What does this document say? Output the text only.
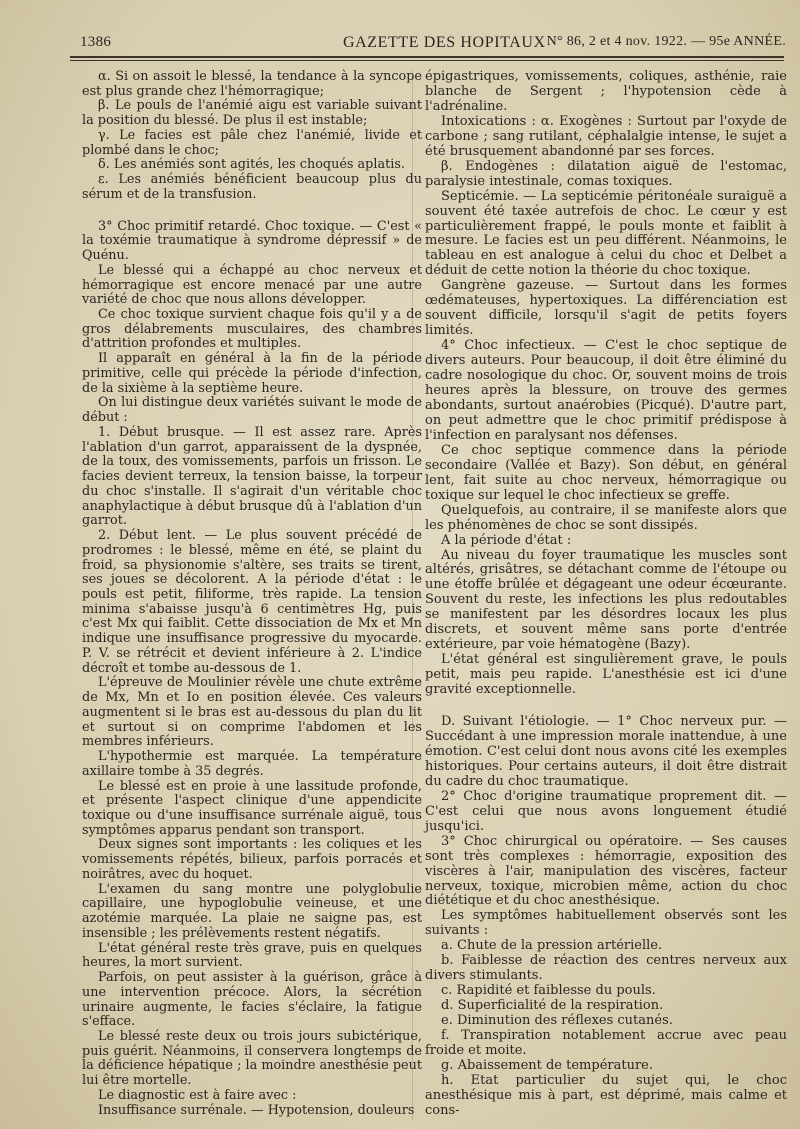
1386	GAZETTE DES HOPITAUX N° 86, 2 et 4 nov. 1922. — 95e ANNÉE.

α. Si on assoit le blessé, la tendance à la syncope est plus grande chez l'hémorragique;

β. Le pouls de l'anémié aigu est variable suivant la position du blessé. De plus il est instable;

γ. Le facies est pâle chez l'anémié, livide et plombé dans le choc;

δ. Les anémiés sont agités, les choqués aplatis.

ε. Les anémiés bénéficient beaucoup plus du sérum et de la transfusion.

3° Choc primitif retardé. Choc toxique. — C'est « la toxémie traumatique à syndrome dépressif » de Quénu.

Le blessé qui a échappé au choc nerveux et hémorragique est encore menacé par une autre variété de choc que nous allons développer.

Ce choc toxique survient chaque fois qu'il y a de gros délabrements musculaires, des chambres d'attrition profondes et multiples.

Il apparaît en général à la fin de la période primitive, celle qui précède la période d'infection, de la sixième à la septième heure.

On lui distingue deux variétés suivant le mode de début :

1. Début brusque. — Il est assez rare. Après l'ablation d'un garrot, apparaissent de la dyspnée, de la toux, des vomissements, parfois un frisson. Le facies devient terreux, la tension baisse, la torpeur du choc s'installe. Il s'agirait d'un véritable choc anaphylactique à début brusque dû à l'ablation d'un garrot.

2. Début lent. — Le plus souvent précédé de prodromes : le blessé, même en été, se plaint du froid, sa physionomie s'altère, ses traits se tirent, ses joues se décolorent. A la période d'état : le pouls est petit, filiforme, très rapide. La tension minima s'abaisse jusqu'à 6 centimètres Hg, puis c'est Mx qui faiblit. Cette dissociation de Mx et Mn indique une insuffisance progressive du myocarde. P. V. se rétrécit et devient inférieure à 2. L'indice décroît et tombe au-dessous de 1.

L'épreuve de Moulinier révèle une chute extrême de Mx, Mn et Io en position élevée. Ces valeurs augmentent si le bras est au-dessous du plan du lit et surtout si on comprime l'abdomen et les membres inférieurs.

L'hypothermie est marquée. La température axillaire tombe à 35 degrés.

Le blessé est en proie à une lassitude profonde, et présente l'aspect clinique d'une appendicite toxique ou d'une insuffisance surrénale aiguë, tous symptômes apparus pendant son transport.

Deux signes sont importants : les coliques et les vomissements répétés, bilieux, parfois porracés et noirâtres, avec du hoquet.

L'examen du sang montre une polyglobulie capillaire, une hypoglobulie veineuse, et une azotémie marquée. La plaie ne saigne pas, est insensible ; les prélèvements restent négatifs.

L'état général reste très grave, puis en quelques heures, la mort survient.

Parfois, on peut assister à la guérison, grâce à une intervention précoce. Alors, la sécrétion urinaire augmente, le facies s'éclaire, la fatigue s'efface.

Le blessé reste deux ou trois jours subictérique, puis guérit. Néanmoins, il conservera longtemps de la déficience hépatique ; la moindre anesthésie peut lui être mortelle.

Le diagnostic est à faire avec :

Insuffisance surrénale. — Hypotension, douleurs

épigastriques, vomissements, coliques, asthénie, raie blanche de Sergent ; l'hypotension cède à l'adrénaline.

Intoxications : α. Exogènes : Surtout par l'oxyde de carbone ; sang rutilant, céphalalgie intense, le sujet a été brusquement abandonné par ses forces.

β. Endogènes : dilatation aiguë de l'estomac, paralysie intestinale, comas toxiques.

Septicémie. — La septicémie péritonéale suraiguë a souvent été taxée autrefois de choc. Le cœur y est particulièrement frappé, le pouls monte et faiblit à mesure. Le facies est un peu différent. Néanmoins, le tableau en est analogue à celui du choc et Delbet a déduit de cette notion la théorie du choc toxique.

Gangrène gazeuse. — Surtout dans les formes œdémateuses, hypertoxiques. La différenciation est souvent difficile, lorsqu'il s'agit de petits foyers limités.

4° Choc infectieux. — C'est le choc septique de divers auteurs. Pour beaucoup, il doit être éliminé du cadre nosologique du choc. Or, souvent moins de trois heures après la blessure, on trouve des germes abondants, surtout anaérobies (Picqué). D'autre part, on peut admettre que le choc primitif prédispose à l'infection en paralysant nos défenses.

Ce choc septique commence dans la période secondaire (Vallée et Bazy). Son début, en général lent, fait suite au choc nerveux, hémorragique ou toxique sur lequel le choc infectieux se greffe.

Quelquefois, au contraire, il se manifeste alors que les phénomènes de choc se sont dissipés.

A la période d'état :

Au niveau du foyer traumatique les muscles sont altérés, grisâtres, se détachant comme de l'étoupe ou une étoffe brûlée et dégageant une odeur écœurante. Souvent du reste, les infections les plus redoutables se manifestent par les désordres locaux les plus discrets, et souvent même sans porte d'entrée extérieure, par voie hématogène (Bazy).

L'état général est singulièrement grave, le pouls petit, mais peu rapide. L'anesthésie est ici d'une gravité exceptionnelle.

D. Suivant l'étiologie. — 1° Choc nerveux pur. — Succédant à une impression morale inattendue, à une émotion. C'est celui dont nous avons cité les exemples historiques. Pour certains auteurs, il doit être distrait du cadre du choc traumatique.

2° Choc d'origine traumatique proprement dit. — C'est celui que nous avons longuement étudié jusqu'ici.

3° Choc chirurgical ou opératoire. — Ses causes sont très complexes : hémorragie, exposition des viscères à l'air, manipulation des viscères, facteur nerveux, toxique, microbien même, action du choc diététique et du choc anesthésique.

Les symptômes habituellement observés sont les suivants :

a. Chute de la pression artérielle.

b. Faiblesse de réaction des centres nerveux aux divers stimulants.

c. Rapidité et faiblesse du pouls.

d. Superficialité de la respiration.

e. Diminution des réflexes cutanés.

f. Transpiration notablement accrue avec peau froide et moite.

g. Abaissement de température.

h. Etat particulier du sujet qui, le choc anesthésique mis à part, est déprimé, mais calme et cons-
